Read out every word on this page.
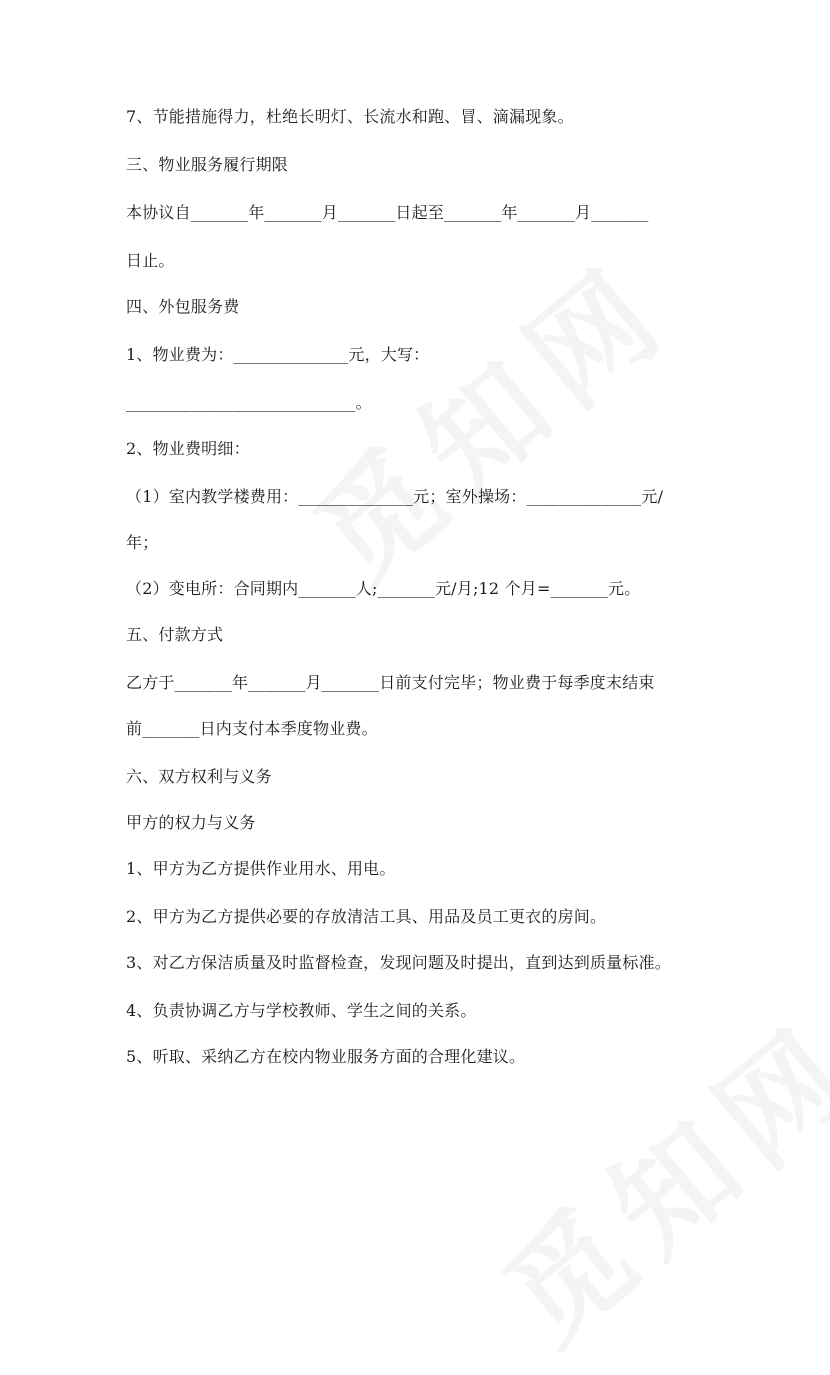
7、节能措施得力，杜绝长明灯、长流水和跑、冒、滴漏现象。
三、物业服务履行期限
本协议自_______年_______月_______日起至_______年_______月_______
日止。
四、外包服务费
1、物业费为：______________元，大写：
____________________________。
2、物业费明细：
（1）室内教学楼费用：______________元；室外操场：______________元/
年；
（2）变电所：合同期内_______人;_______元/月;12 个月=_______元。
五、付款方式
乙方于_______年_______月_______日前支付完毕；物业费于每季度末结束
前_______日内支付本季度物业费。
六、双方权利与义务
甲方的权力与义务
1、甲方为乙方提供作业用水、用电。
2、甲方为乙方提供必要的存放清洁工具、用品及员工更衣的房间。
3、对乙方保洁质量及时监督检查，发现问题及时提出，直到达到质量标准。
4、负责协调乙方与学校教师、学生之间的关系。
5、听取、采纳乙方在校内物业服务方面的合理化建议。
